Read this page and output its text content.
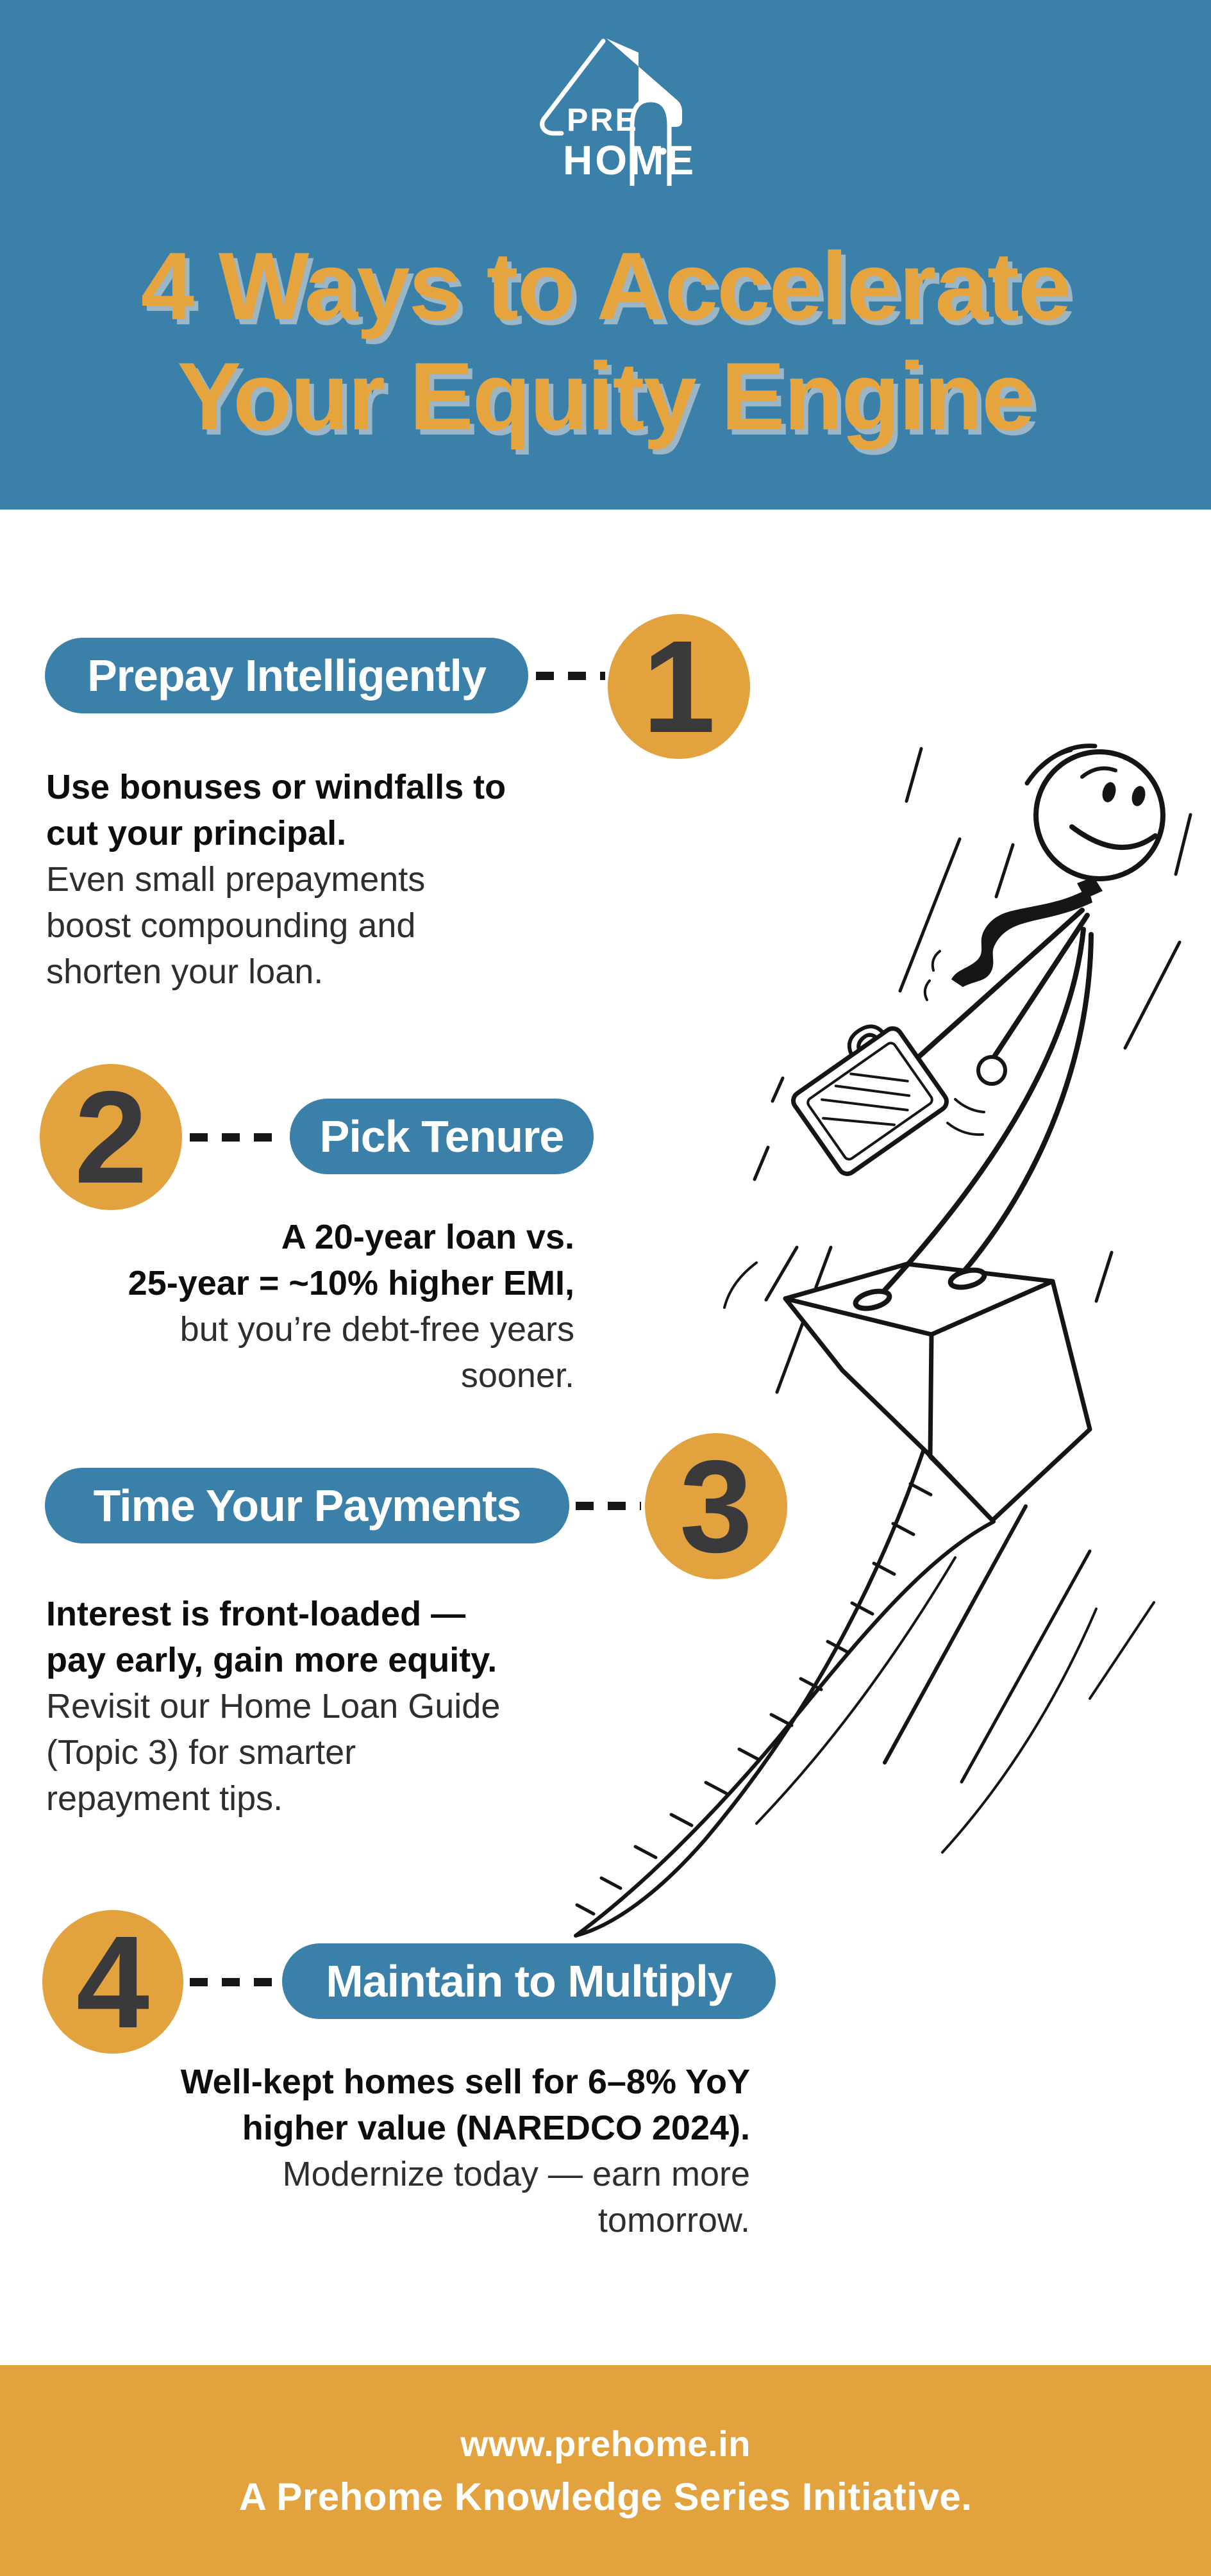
PRE
HOME
4 Ways to Accelerate
Your Equity Engine
Prepay Intelligently 1
Use bonuses or windfalls to
cut your principal.
Even small prepayments
boost compounding and
shorten your loan.
2	Pick Tenure
A 20-year loan vs.
25-year = ~10% higher EMI,
but you’re debt-free years
sooner.
Time Your Payments 3
Interest is front-loaded —
pay early, gain more equity.
Revisit our Home Loan Guide
(Topic 3) for smarter
repayment tips.
4	Maintain to Multiply
Well-kept homes sell for 6–8% YoY
higher value (NAREDCO 2024).
Modernize today — earn more
tomorrow.
www.prehome.in
A Prehome Knowledge Series Initiative.
